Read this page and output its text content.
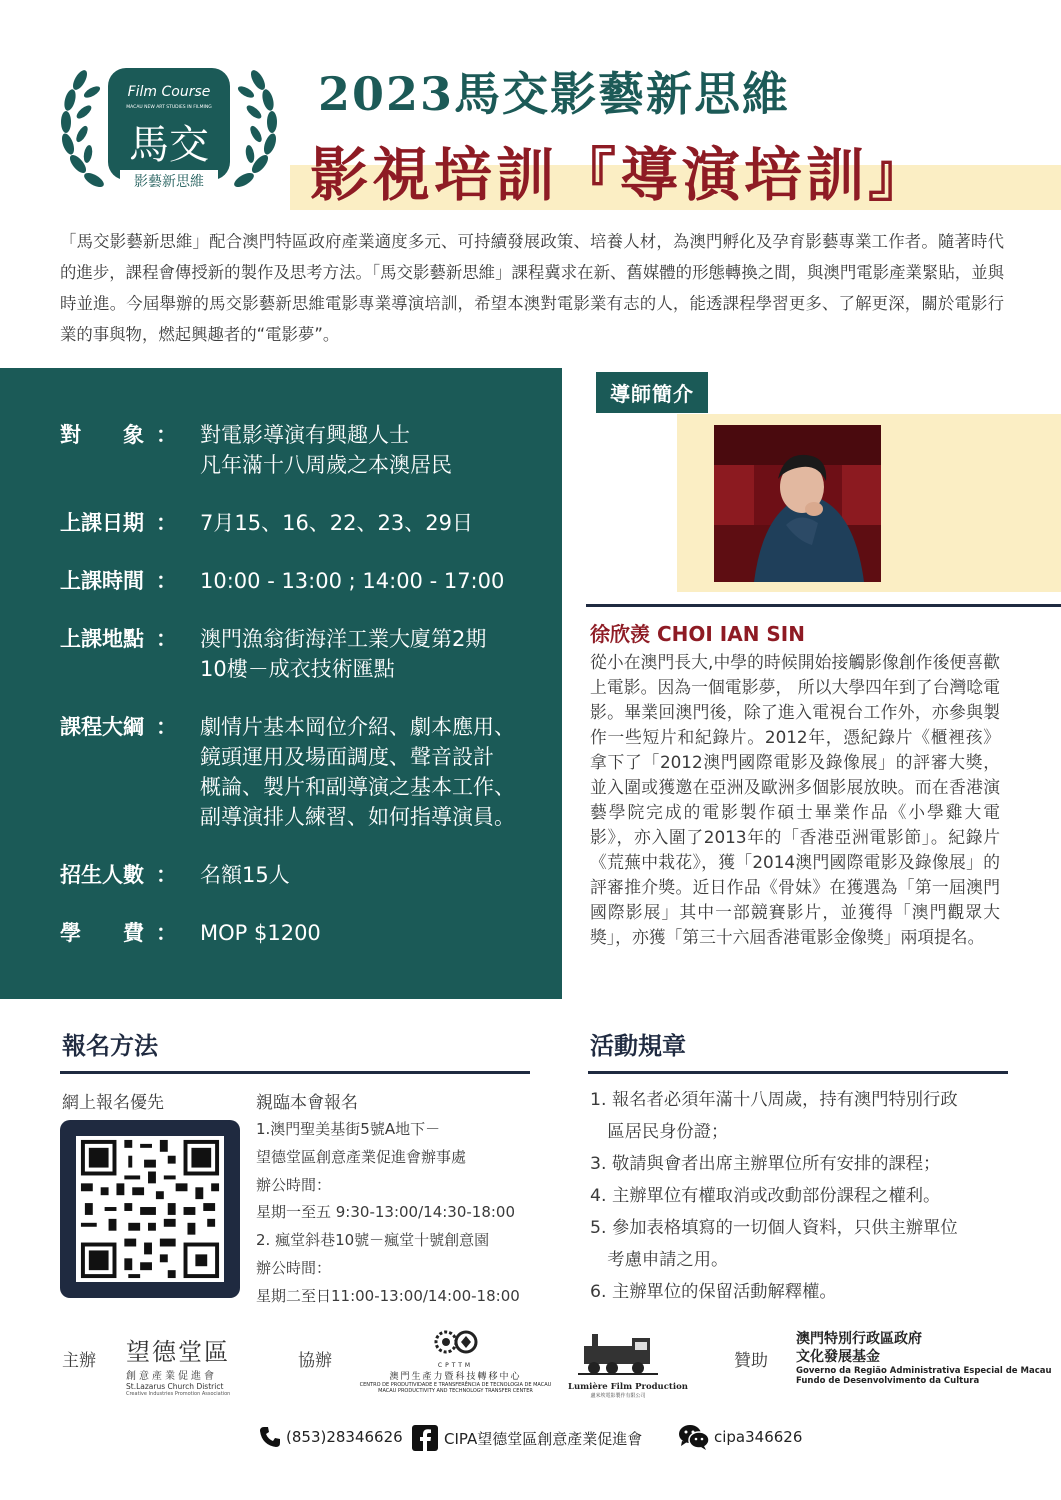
Film Course
MACAU NEW ART STUDIES IN FILMING
馬交
影藝新思維
2023馬交影藝新思維
影視培訓『導演培訓』
「馬交影藝新思維」配合澳門特區政府產業適度多元、可持續發展政策、培養人材，為澳門孵化及孕育影藝專業工作者。隨著時代的進步，課程會傳授新的製作及思考方法。「馬交影藝新思維」課程冀求在新、舊媒體的形態轉換之間，與澳門電影產業緊貼，並與時並進。今屆舉辦的馬交影藝新思維電影專業導演培訓，希望本澳對電影業有志的人，能透課程學習更多、了解更深，關於電影行業的事與物，燃起興趣者的“電影夢”。
對　　象 ： 對電影導演有興趣人士
凡年滿十八周歲之本澳居民
上課日期 ： 7月15、16、22、23、29日
上課時間 ： 10:00 - 13:00 ; 14:00 - 17:00
上課地點 ： 澳門漁翁街海洋工業大廈第2期
10樓－成衣技術匯點
課程大綱 ： 劇情片基本岡位介紹、劇本應用、
鏡頭運用及場面調度、聲音設計
概論、製片和副導演之基本工作、
副導演排人練習、如何指導演員。
招生人數 ： 名額15人
學　　費 ： MOP $1200
導師簡介
徐欣羡 CHOI IAN SIN
從小在澳門長大,中學的時候開始接觸影像創作後便喜歡上電影。因為一個電影夢， 所以大學四年到了台灣唸電影。畢業回澳門後，除了進入電視台工作外，亦參與製作一些短片和紀錄片。2012年，憑紀錄片《櫃裡孩》拿下了「2012澳門國際電影及錄像展」的評審大獎，並入圍或獲邀在亞洲及歐洲多個影展放映。而在香港演藝學院完成的電影製作碩士畢業作品《小學雞大電影》，亦入圍了2013年的「香港亞洲電影節」。紀錄片《荒蕪中栽花》，獲「2014澳門國際電影及錄像展」的評審推介獎。近日作品《骨妹》在獲選為「第一屆澳門國際影展」其中一部競賽影片，並獲得「澳門觀眾大獎」，亦獲「第三十六屆香港電影金像獎」兩項提名。
報名方法
網上報名優先	親臨本會報名
1.澳門聖美基街5號A地下－
望德堂區創意產業促進會辦事處
辦公時間：
星期一至五 9:30-13:00/14:30-18:00
2. 瘋堂斜巷10號－瘋堂十號創意園
辦公時間：
星期二至日11:00-13:00/14:00-18:00
活動規章
1. 報名者必須年滿十八周歲，持有澳門特別行政
　區居民身份證；
3. 敬請與會者出席主辦單位所有安排的課程；
4. 主辦單位有權取消或改動部份課程之權利。
5. 參加表格填寫的一切個人資料，只供主辦單位
　考慮申請之用。
6. 主辦單位的保留活動解釋權。
主辦 望德堂區
創意產業促進會
St.Lazarus Church District
Creative Industries Promotion Association
協辦	CPTTM
澳門生產力暨科技轉移中心
CENTRO DE PRODUTIVIDADE E TRANSFERÊNCIA DE TECNOLOGIA DE MACAU
MACAU PRODUCTIVITY AND TECHNOLOGY TRANSFER CENTER	Lumière Film Production
盧米埃電影製作有限公司
贊助
澳門特別行政區政府
文化發展基金
Governo da Região Administrativa Especial de Macau
Fundo de Desenvolvimento da Cultura
(853)28346626	CIPA望德堂區創意產業促進會	cipa346626
